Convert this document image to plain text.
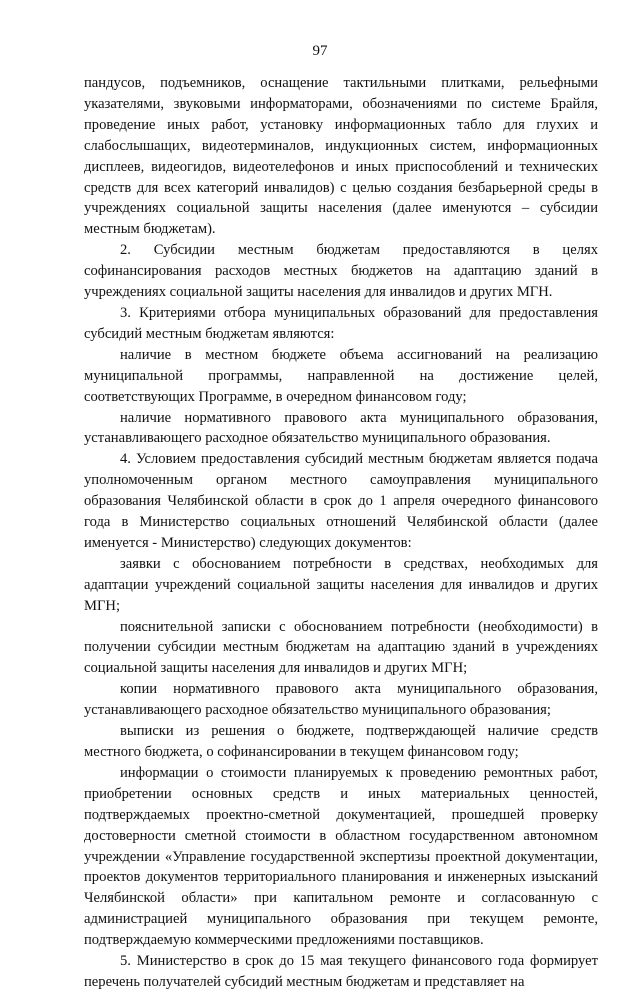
97

пандусов, подъемников, оснащение тактильными плитками, рельефными указателями, звуковыми информаторами, обозначениями по системе Брайля, проведение иных работ, установку информационных табло для глухих и слабослышащих, видеотерминалов, индукционных систем, информационных дисплеев, видеогидов, видеотелефонов и иных приспособлений и технических средств для всех категорий инвалидов) с целью создания безбарьерной среды в учреждениях социальной защиты населения (далее именуются – субсидии местным бюджетам).

2. Субсидии местным бюджетам предоставляются в целях софинансирования расходов местных бюджетов на адаптацию зданий в учреждениях социальной защиты населения для инвалидов и других МГН.

3. Критериями отбора муниципальных образований для предоставления субсидий местным бюджетам являются:

наличие в местном бюджете объема ассигнований на реализацию муниципальной программы, направленной на достижение целей, соответствующих Программе, в очередном финансовом году;

наличие нормативного правового акта муниципального образования, устанавливающего расходное обязательство муниципального образования.

4. Условием предоставления субсидий местным бюджетам является подача уполномоченным органом местного самоуправления муниципального образования Челябинской области в срок до 1 апреля очередного финансового года в Министерство социальных отношений Челябинской области (далее именуется - Министерство) следующих документов:

заявки с обоснованием потребности в средствах, необходимых для адаптации учреждений социальной защиты населения для инвалидов и других МГН;

пояснительной записки с обоснованием потребности (необходимости) в получении субсидии местным бюджетам на адаптацию зданий в учреждениях социальной защиты населения для инвалидов и других МГН;

копии нормативного правового акта муниципального образования, устанавливающего расходное обязательство муниципального образования;

выписки из решения о бюджете, подтверждающей наличие средств местного бюджета, о софинансировании в текущем финансовом году;

информации о стоимости планируемых к проведению ремонтных работ, приобретении основных средств и иных материальных ценностей, подтверждаемых проектно-сметной документацией, прошедшей проверку достоверности сметной стоимости в областном государственном автономном учреждении «Управление государственной экспертизы проектной документации, проектов документов территориального планирования и инженерных изысканий Челябинской области» при капитальном ремонте и согласованную с администрацией муниципального образования при текущем ремонте, подтверждаемую коммерческими предложениями поставщиков.

5. Министерство в срок до 15 мая текущего финансового года формирует перечень получателей субсидий местным бюджетам и представляет на
